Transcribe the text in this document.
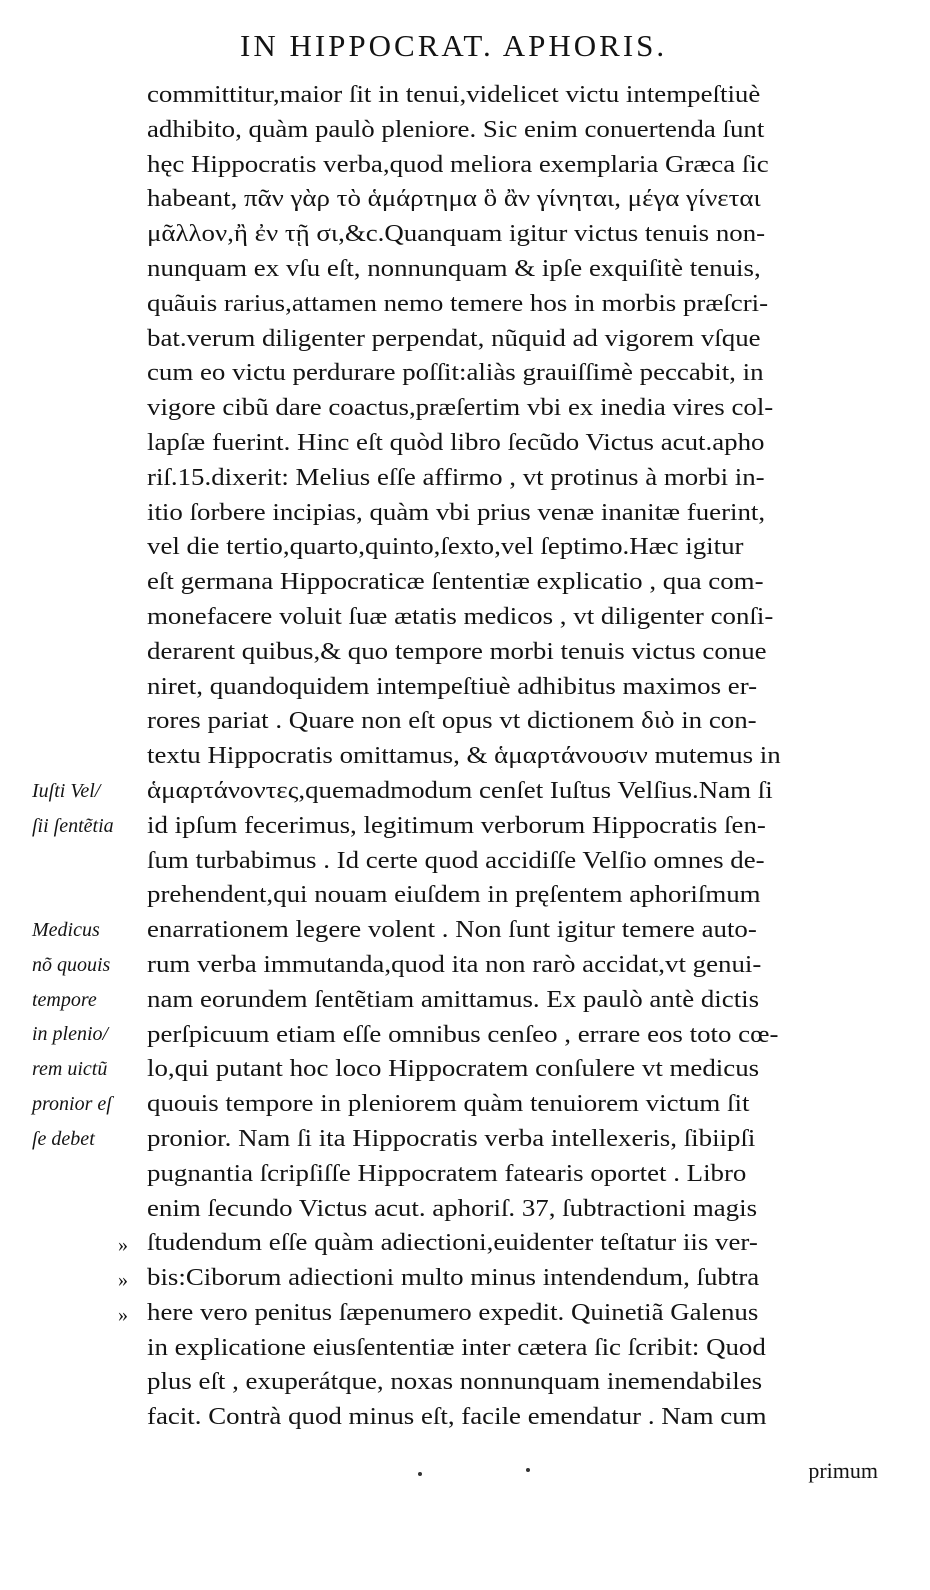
IN HIPPOCRAT. APHORIS.
committitur,maior ſit in tenui,videlicet victu intempeſtiuè
adhibito, quàm paulò pleniore. Sic enim conuertenda ſunt
hęc Hippocratis verba,quod meliora exemplaria Græca ſic
habeant, πᾶν γὰρ τὸ ἁμάρτημα ὃ ἂν γίνηται, μέγα γίνεται
μᾶλλον,ἢ ἐν τῇ σι,&c.Quanquam igitur victus tenuis non-
nunquam ex vſu eſt, nonnunquam & ipſe exquiſitè tenuis,
quãuis rarius,attamen nemo temere hos in morbis præſcri-
bat.verum diligenter perpendat, nũquid ad vigorem vſque
cum eo victu perdurare poſſit:aliàs grauiſſimè peccabit, in
vigore cibũ dare coactus,præſertim vbi ex inedia vires col-
lapſæ fuerint. Hinc eſt quòd libro ſecũdo Victus acut.apho
riſ.15.dixerit: Melius eſſe affirmo , vt protinus à morbi in-
itio ſorbere incipias, quàm vbi prius venæ inanitæ fuerint,
vel die tertio,quarto,quinto,ſexto,vel ſeptimo.Hæc igitur
eſt germana Hippocraticæ ſententiæ explicatio , qua com-
monefacere voluit ſuæ ætatis medicos , vt diligenter conſi-
derarent quibus,& quo tempore morbi tenuis victus conue
niret, quandoquidem intempeſtiuè adhibitus maximos er-
rores pariat . Quare non eſt opus vt dictionem διὸ in con-
textu Hippocratis omittamus, & ἁμαρτάνουσιν mutemus in
ἁμαρτάνοντες,quemadmodum cenſet Iuſtus Velſius.Nam ſi
id ipſum fecerimus, legitimum verborum Hippocratis ſen-
ſum turbabimus . Id certe quod accidiſſe Velſio omnes de-
prehendent,qui nouam eiuſdem in pręſentem aphoriſmum
enarrationem legere volent . Non ſunt igitur temere auto-
rum verba immutanda,quod ita non rarò accidat,vt genui-
nam eorundem ſentẽtiam amittamus. Ex paulò antè dictis
perſpicuum etiam eſſe omnibus cenſeo , errare eos toto cœ-
lo,qui putant hoc loco Hippocratem conſulere vt medicus
quouis tempore in pleniorem quàm tenuiorem victum ſit
pronior. Nam ſi ita Hippocratis verba intellexeris, ſibiipſi
pugnantia ſcripſiſſe Hippocratem fatearis oportet . Libro
enim ſecundo Victus acut. aphoriſ. 37, ſubtractioni magis
ſtudendum eſſe quàm adiectioni,euidenter teſtatur iis ver-
bis:Ciborum adiectioni multo minus intendendum, ſubtra
here vero penitus ſæpenumero expedit. Quinetiã Galenus
in explicatione eiusſententiæ inter cætera ſic ſcribit: Quod
plus eſt , exuperátque, noxas nonnunquam inemendabiles
facit. Contrà quod minus eſt, facile emendatur . Nam cum
Iuſti Vel/
ſii ſentẽtia
Medicus
nõ quouis
tempore
in plenio/
rem uictũ
pronior eſ
ſe debet
»
»
»
primum
